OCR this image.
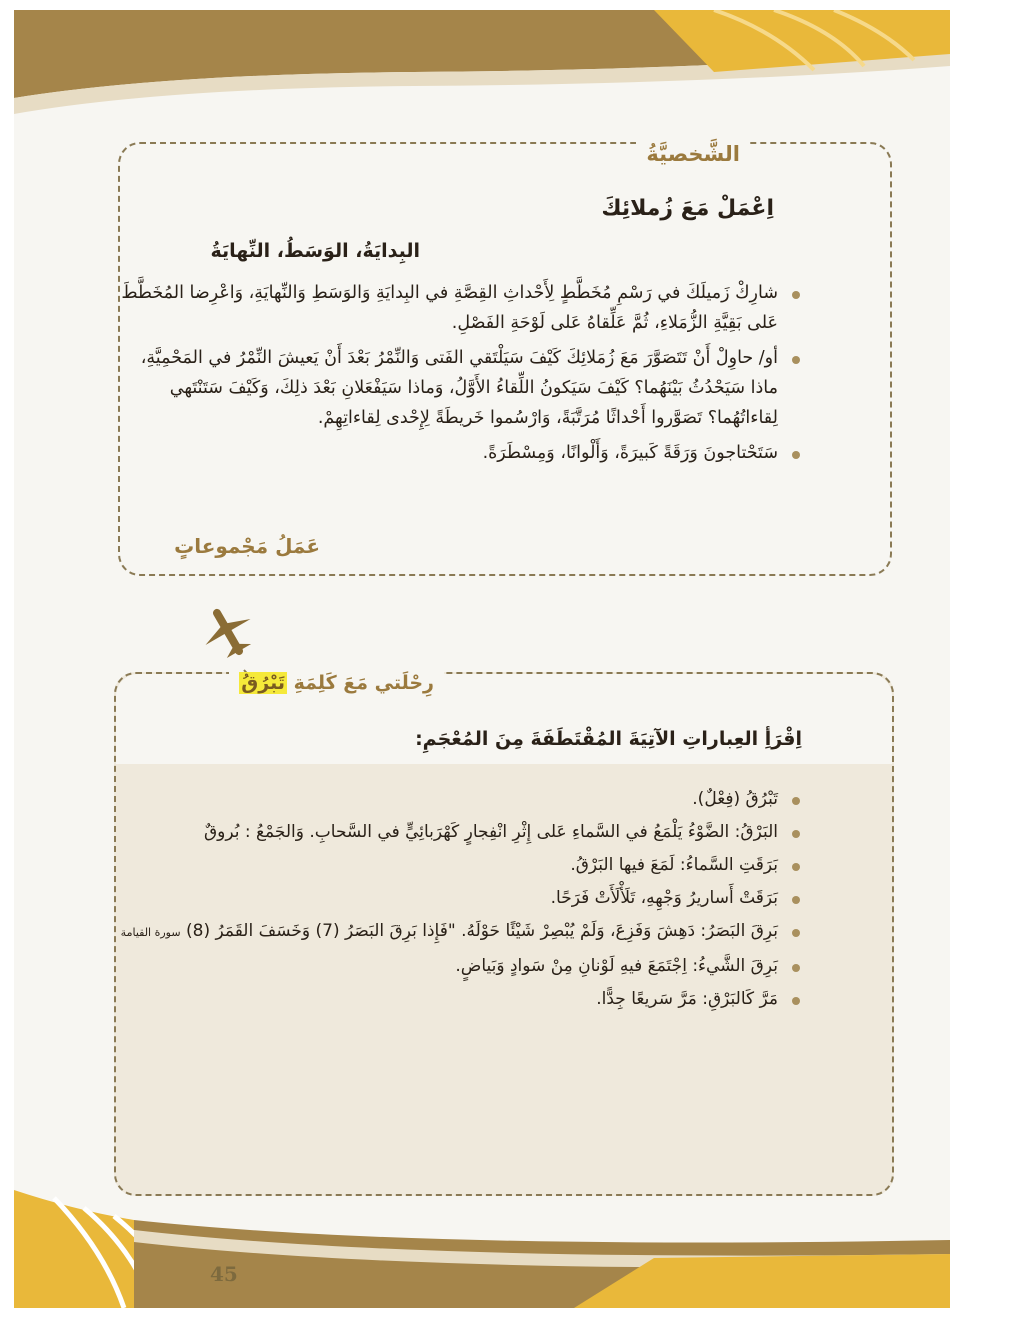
الشَّخصيَّةُ
اِعْمَلْ مَعَ زُملائِكَ
البِدايَةُ، الوَسَطُ، النِّهايَةُ
شارِكْ زَميلَكَ في رَسْمِ مُخَطَّطٍ لِأَحْداثِ القِصَّةِ في البِدايَةِ وَالوَسَطِ وَالنِّهايَةِ، وَاعْرِضا المُخَطَّطَ عَلى بَقِيَّةِ الزُّمَلاءِ، ثُمَّ عَلِّقاهُ عَلى لَوْحَةِ الفَصْلِ.
أو/ حاوِلْ أَنْ تَتَصَوَّرَ مَعَ زُمَلائِكَ كَيْفَ سَيَلْتَقي الفَتى وَالنِّمْرُ بَعْدَ أَنْ يَعيشَ النِّمْرُ في المَحْمِيَّةِ، ماذا سَيَحْدُثُ بَيْنَهُما؟ كَيْفَ سَيَكونُ اللِّقاءُ الأَوَّلُ، وَماذا سَيَفْعَلانِ بَعْدَ ذلِكَ، وَكَيْفَ سَتَنْتَهي لِقاءاتُهُما؟ تَصَوَّروا أَحْداثًا مُرَتَّبَةً، وَارْسُموا خَريطَةً لِإِحْدى لِقاءاتِهِمْ.
سَتَحْتاجونَ وَرَقَةً كَبيرَةً، وَأَلْوانًا، وَمِسْطَرَةً.
عَمَلُ مَجْموعاتٍ
رِحْلَتي مَعَ كَلِمَةِ تَبْرُقُ
اِقْرَأِ العِباراتِ الآتِيَةَ المُقْتَطَفَةَ مِنَ المُعْجَمِ:
تَبْرُقُ (فِعْلٌ).
البَرْقُ: الضَّوْءُ يَلْمَعُ في السَّماءِ عَلى إِثْرِ انْفِجارٍ كَهْرَبائِيٍّ في السَّحابِ. وَالجَمْعُ : بُروقٌ
بَرَقَتِ السَّماءُ: لَمَعَ فيها البَرْقُ.
بَرَقَتْ أَساريرُ وَجْهِهِ، تَلَأْلَأَتْ فَرَحًا.
بَرِقَ البَصَرُ: دَهِشَ وَفَزِعَ، وَلَمْ يُبْصِرْ شَيْئًا حَوْلَهُ. "فَإِذا بَرِقَ البَصَرُ (7) وَخَسَفَ القَمَرُ (8) سورة القيامة
بَرِقَ الشَّيءُ: اِجْتَمَعَ فيهِ لَوْنانِ مِنْ سَوادٍ وَبَياضٍ.
مَرَّ كَالبَرْقِ: مَرَّ سَريعًا جِدًّا.
45
